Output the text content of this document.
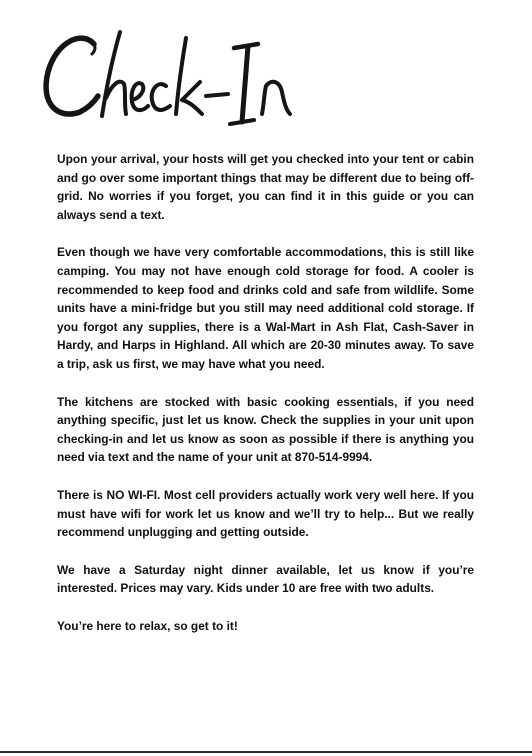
Upon your arrival, your hosts will get you checked into your tent or cabin and go over some important things that may be different due to being off-grid. No worries if you forget, you can find it in this guide or you can always send a text.

Even though we have very comfortable accommodations, this is still like camping. You may not have enough cold storage for food. A cooler is recommended to keep food and drinks cold and safe from wildlife. Some units have a mini-fridge but you still may need additional cold storage. If you forgot any supplies, there is a Wal-Mart in Ash Flat, Cash-Saver in Hardy, and Harps in Highland. All which are 20-30 minutes away. To save a trip, ask us first, we may have what you need.

The kitchens are stocked with basic cooking essentials, if you need anything specific, just let us know. Check the supplies in your unit upon checking-in and let us know as soon as possible if there is anything you need via text and the name of your unit at 870-514-9994.

There is NO WI-FI. Most cell providers actually work very well here. If you must have wifi for work let us know and we’ll try to help... But we really recommend unplugging and getting outside.

We have a Saturday night dinner available, let us know if you’re interested. Prices may vary. Kids under 10 are free with two adults.

You’re here to relax, so get to it!
